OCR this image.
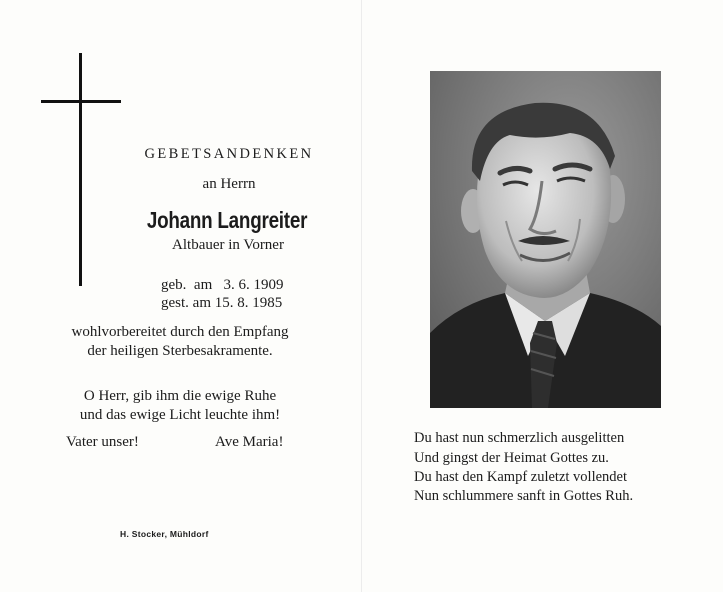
GEBETSANDENKEN
an Herrn
Johann Langreiter
Altbauer in Vorner
geb.  am   3. 6. 1909
gest. am 15. 8. 1985
wohlvorbereitet durch den Empfang
der heiligen Sterbesakramente.
O Herr, gib ihm die ewige Ruhe
und das ewige Licht leuchte ihm!
Vater unser!	Ave Maria!
H. Stocker, Mühldorf
Du hast nun schmerzlich ausgelitten
Und gingst der Heimat Gottes zu.
Du hast den Kampf zuletzt vollendet
Nun schlummere sanft in Gottes Ruh.
